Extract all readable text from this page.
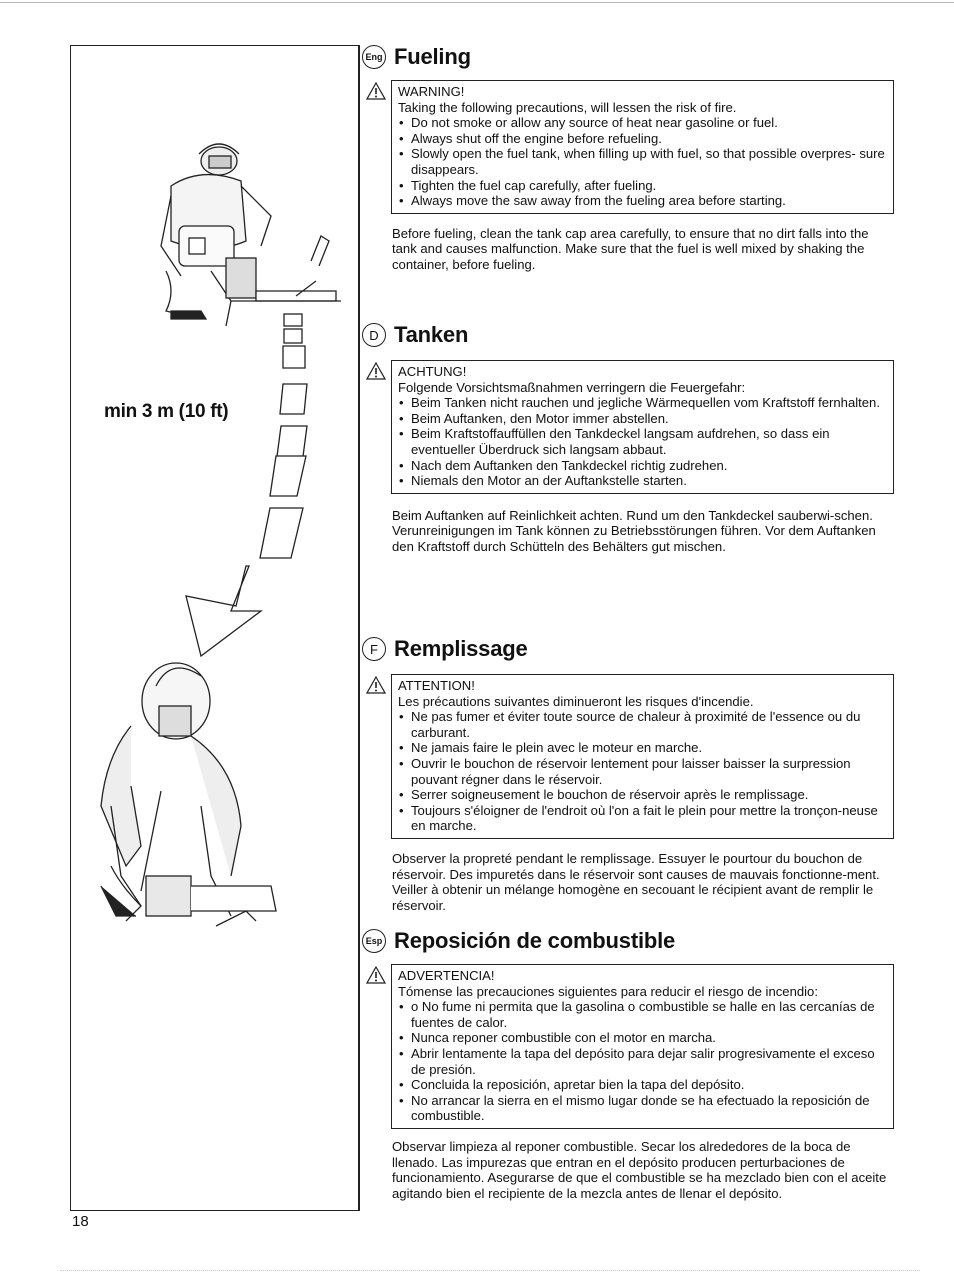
min 3 m (10 ft)
Eng Fueling
WARNING!
Taking the following precautions, will lessen the risk of fire.
• Do not smoke or allow any source of heat near gasoline or fuel.
• Always shut off the engine before refueling.
• Slowly open the fuel tank, when filling up with fuel, so that possible overpres- sure disappears.
• Tighten the fuel cap carefully, after fueling.
• Always move the saw away from the fueling area before starting.
Before fueling, clean the tank cap area carefully, to ensure that no dirt falls into the tank and causes malfunction. Make sure that the fuel is well mixed by shaking the container, before fueling.
D Tanken
ACHTUNG!
Folgende Vorsichtsmaßnahmen verringern die Feuergefahr:
• Beim Tanken nicht rauchen und jegliche Wärmequellen vom Kraftstoff fernhalten.
• Beim Auftanken, den Motor immer abstellen.
• Beim Kraftstoffauffüllen den Tankdeckel langsam aufdrehen, so dass ein eventueller Überdruck sich langsam abbaut.
• Nach dem Auftanken den Tankdeckel richtig zudrehen.
• Niemals den Motor an der Auftankstelle starten.
Beim Auftanken auf Reinlichkeit achten. Rund um den Tankdeckel sauberwi-schen. Verunreinigungen im Tank können zu Betriebsstörungen führen. Vor dem Auftanken den Kraftstoff durch Schütteln des Behälters gut mischen.
F Remplissage
ATTENTION!
Les précautions suivantes diminueront les risques d'incendie.
• Ne pas fumer et éviter toute source de chaleur à proximité de l'essence ou du carburant.
• Ne jamais faire le plein avec le moteur en marche.
• Ouvrir le bouchon de réservoir lentement pour laisser baisser la surpression pouvant régner dans le réservoir.
• Serrer soigneusement le bouchon de réservoir après le remplissage.
• Toujours s'éloigner de l'endroit où l'on a fait le plein pour mettre la tronçon-neuse en marche.
Observer la propreté pendant le remplissage. Essuyer le pourtour du bouchon de réservoir. Des impuretés dans le réservoir sont causes de mauvais fonctionne-ment. Veiller à obtenir un mélange homogène en secouant le récipient avant de remplir le réservoir.
Esp Reposición de combustible
ADVERTENCIA!
Tómense las precauciones siguientes para reducir el riesgo de incendio:
• o No fume ni permita que la gasolina o combustible se halle en las cercanías de fuentes de calor.
• Nunca reponer combustible con el motor en marcha.
• Abrir lentamente la tapa del depósito para dejar salir progresivamente el exceso de presión.
• Concluida la reposición, apretar bien la tapa del depósito.
• No arrancar la sierra en el mismo lugar donde se ha efectuado la reposición de combustible.
Observar limpieza al reponer combustible. Secar los alrededores de la boca de llenado. Las impurezas que entran en el depósito producen perturbaciones de funcionamiento. Asegurarse de que el combustible se ha mezclado bien con el aceite agitando bien el recipiente de la mezcla antes de llenar el depósito.
18
